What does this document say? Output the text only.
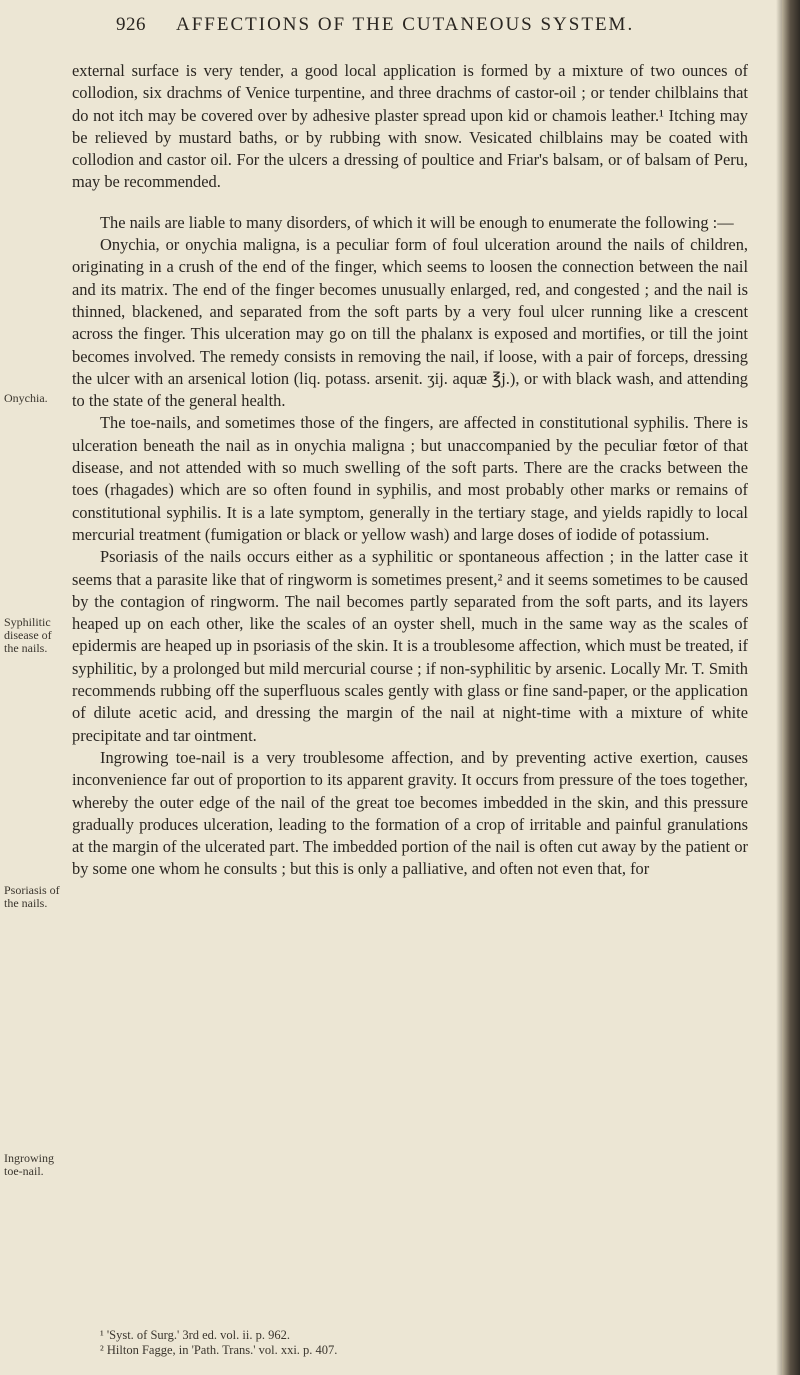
926 AFFECTIONS OF THE CUTANEOUS SYSTEM.

external surface is very tender, a good local application is formed by a mixture of two ounces of collodion, six drachms of Venice turpentine, and three drachms of castor-oil ; or tender chilblains that do not itch may be covered over by adhesive plaster spread upon kid or chamois leather.¹ Itching may be relieved by mustard baths, or by rubbing with snow. Vesicated chilblains may be coated with collodion and castor oil. For the ulcers a dressing of poultice and Friar's balsam, or of balsam of Peru, may be recommended.

The nails are liable to many disorders, of which it will be enough to enumerate the following :—

Onychia, or onychia maligna, is a peculiar form of foul ulceration around the nails of children, originating in a crush of the end of the finger, which seems to loosen the connection between the nail and its matrix. The end of the finger becomes unusually enlarged, red, and congested ; and the nail is thinned, blackened, and separated from the soft parts by a very foul ulcer running like a crescent across the finger. This ulceration may go on till the phalanx is exposed and mortifies, or till the joint becomes involved. The remedy consists in removing the nail, if loose, with a pair of forceps, dressing the ulcer with an arsenical lotion (liq. potass. arsenit. ʒij. aquæ ℥j.), or with black wash, and attending to the state of the general health.

The toe-nails, and sometimes those of the fingers, are affected in constitutional syphilis. There is ulceration beneath the nail as in onychia maligna ; but unaccompanied by the peculiar fœtor of that disease, and not attended with so much swelling of the soft parts. There are the cracks between the toes (rhagades) which are so often found in syphilis, and most probably other marks or remains of constitutional syphilis. It is a late symptom, generally in the tertiary stage, and yields rapidly to local mercurial treatment (fumigation or black or yellow wash) and large doses of iodide of potassium.

Psoriasis of the nails occurs either as a syphilitic or spontaneous affection ; in the latter case it seems that a parasite like that of ringworm is sometimes present,² and it seems sometimes to be caused by the contagion of ringworm. The nail becomes partly separated from the soft parts, and its layers heaped up on each other, like the scales of an oyster shell, much in the same way as the scales of epidermis are heaped up in psoriasis of the skin. It is a troublesome affection, which must be treated, if syphilitic, by a prolonged but mild mercurial course ; if non-syphilitic by arsenic. Locally Mr. T. Smith recommends rubbing off the superfluous scales gently with glass or fine sand-paper, or the application of dilute acetic acid, and dressing the margin of the nail at night-time with a mixture of white precipitate and tar ointment.

Ingrowing toe-nail is a very troublesome affection, and by preventing active exertion, causes inconvenience far out of proportion to its apparent gravity. It occurs from pressure of the toes together, whereby the outer edge of the nail of the great toe becomes imbedded in the skin, and this pressure gradually produces ulceration, leading to the formation of a crop of irritable and painful granulations at the margin of the ulcerated part. The imbedded portion of the nail is often cut away by the patient or by some one whom he consults ; but this is only a palliative, and often not even that, for

Onychia.
Syphilitic disease of the nails.
Psoriasis of the nails.
Ingrowing toe-nail.
¹ 'Syst. of Surg.' 3rd ed. vol. ii. p. 962.
² Hilton Fagge, in 'Path. Trans.' vol. xxi. p. 407.
